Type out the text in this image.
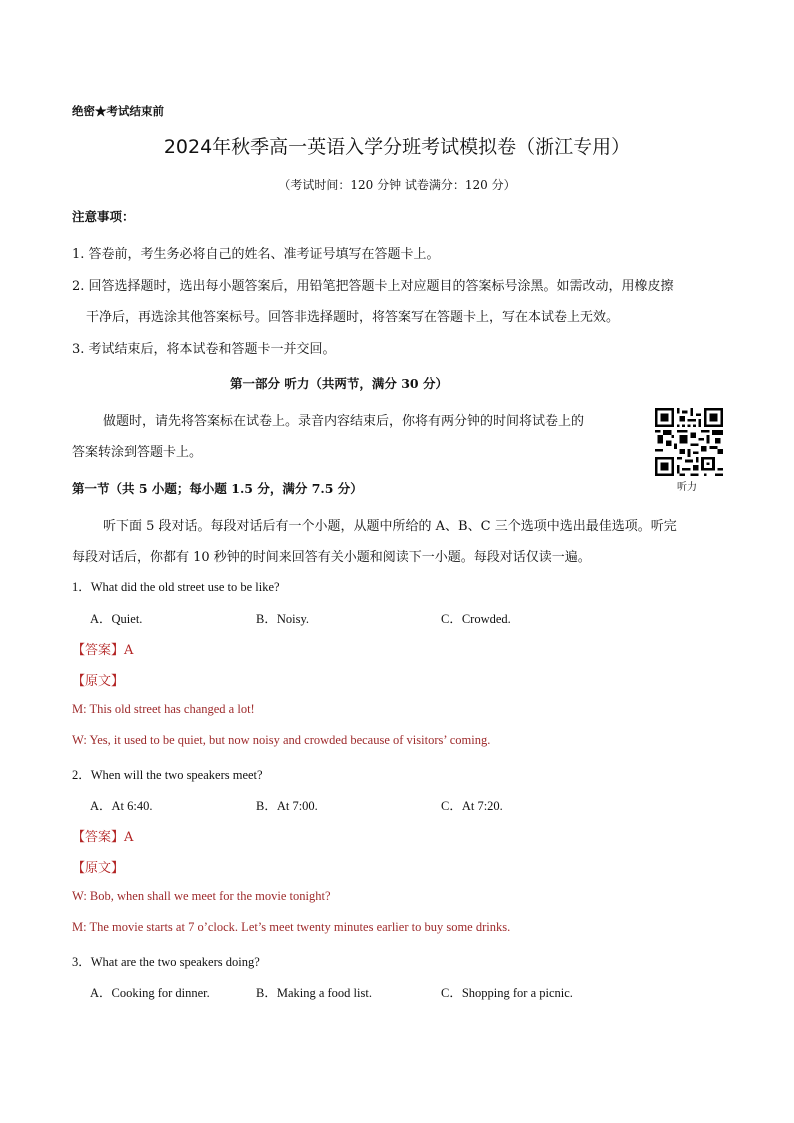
绝密★考试结束前
2024年秋季高一英语入学分班考试模拟卷（浙江专用）
（考试时间：120 分钟 试卷满分：120 分）
注意事项：
1. 答卷前，考生务必将自己的姓名、准考证号填写在答题卡上。
2. 回答选择题时，选出每小题答案后，用铅笔把答题卡上对应题目的答案标号涂黑。如需改动，用橡皮擦
干净后，再选涂其他答案标号。回答非选择题时，将答案写在答题卡上，写在本试卷上无效。
3. 考试结束后，将本试卷和答题卡一并交回。
第一部分 听力（共两节，满分 30 分）
做题时，请先将答案标在试卷上。录音内容结束后，你将有两分钟的时间将试卷上的
答案转涂到答题卡上。
听力
第一节（共 5 小题；每小题 1.5 分，满分 7.5 分）
听下面 5 段对话。每段对话后有一个小题，从题中所给的 A、B、C 三个选项中选出最佳选项。听完
每段对话后，你都有 10 秒钟的时间来回答有关小题和阅读下一小题。每段对话仅读一遍。
1．What did the old street use to be like?
A．Quiet.	B．Noisy.	C．Crowded.
【答案】A
【原文】
M: This old street has changed a lot!
W: Yes, it used to be quiet, but now noisy and crowded because of visitors’ coming.
2．When will the two speakers meet?
A．At 6:40.	B．At 7:00.	C．At 7:20.
【答案】A
【原文】
W: Bob, when shall we meet for the movie tonight?
M: The movie starts at 7 o’clock. Let’s meet twenty minutes earlier to buy some drinks.
3．What are the two speakers doing?
A．Cooking for dinner.	B．Making a food list.	C．Shopping for a picnic.
